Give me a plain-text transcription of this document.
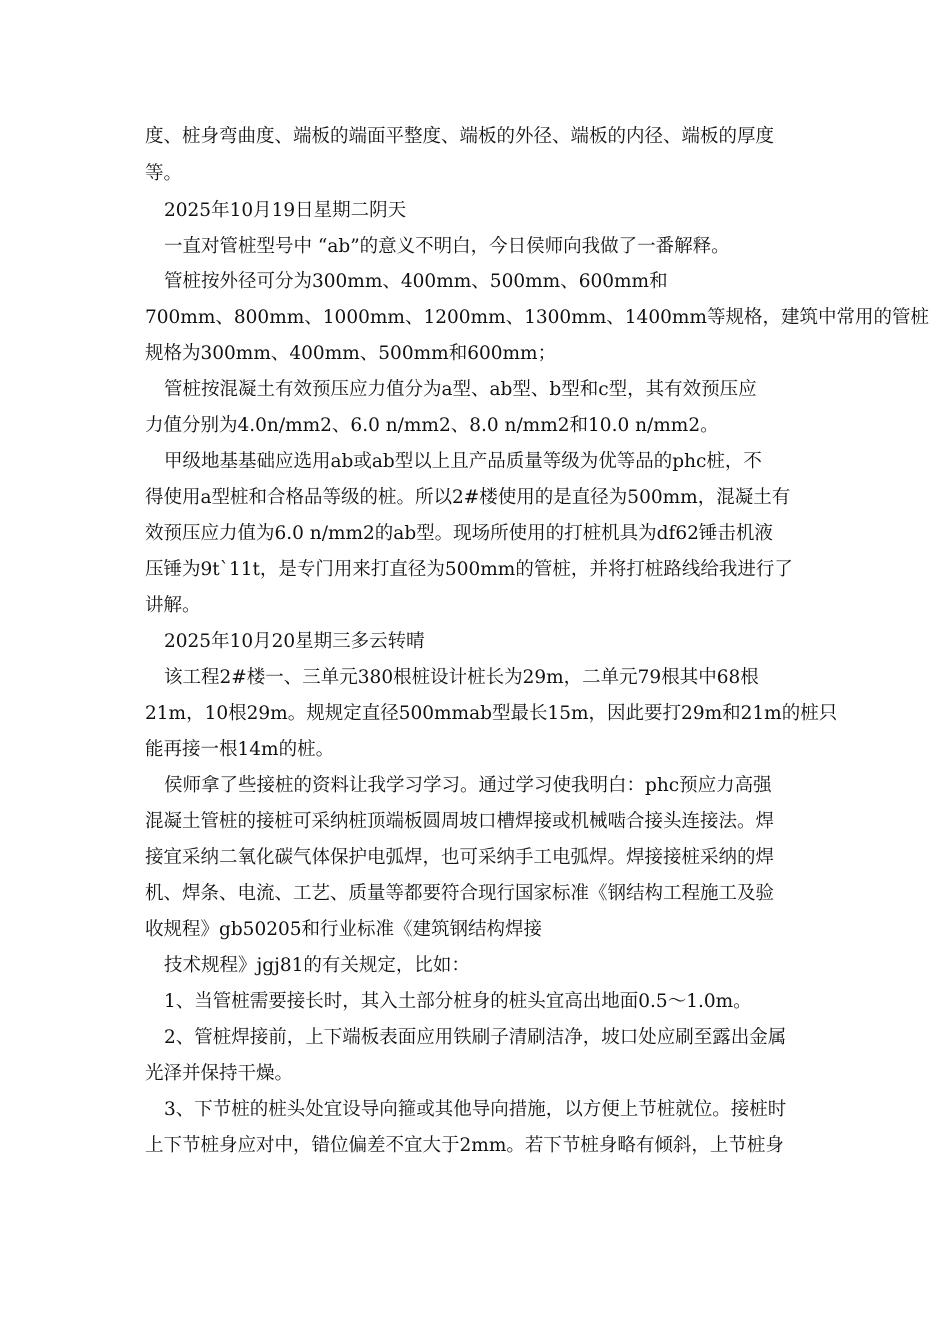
度、桩身弯曲度、端板的端面平整度、端板的外径、端板的内径、端板的厚度
等。
2025年10月19日星期二阴天
一直对管桩型号中 “ab”的意义不明白，今日侯师向我做了一番解释。
管桩按外径可分为300mm、400mm、500mm、600mm和
700mm、800mm、1000mm、1200mm、1300mm、1400mm等规格，建筑中常用的管桩
规格为300mm、400mm、500mm和600mm；
管桩按混凝土有效预压应力值分为a型、ab型、b型和c型，其有效预压应
力值分别为4.0n/mm2、6.0 n/mm2、8.0 n/mm2和10.0 n/mm2。
甲级地基基础应选用ab或ab型以上且产品质量等级为优等品的phc桩，不
得使用a型桩和合格品等级的桩。所以2#楼使用的是直径为500mm，混凝土有
效预压应力值为6.0 n/mm2的ab型。现场所使用的打桩机具为df62锤击机液
压锤为9t`11t，是专门用来打直径为500mm的管桩，并将打桩路线给我进行了
讲解。
2025年10月20星期三多云转晴
该工程2#楼一、三单元380根桩设计桩长为29m，二单元79根其中68根
21m，10根29m。规规定直径500mmab型最长15m，因此要打29m和21m的桩只
能再接一根14m的桩。
侯师拿了些接桩的资料让我学习学习。通过学习使我明白：phc预应力高强
混凝土管桩的接桩可采纳桩顶端板圆周坡口槽焊接或机械啮合接头连接法。焊
接宜采纳二氧化碳气体保护电弧焊，也可采纳手工电弧焊。焊接接桩采纳的焊
机、焊条、电流、工艺、质量等都要符合现行国家标准《钢结构工程施工及验
收规程》gb50205和行业标准《建筑钢结构焊接
技术规程》jgj81的有关规定，比如：
1、当管桩需要接长时，其入土部分桩身的桩头宜高出地面0.5～1.0m。
2、管桩焊接前，上下端板表面应用铁刷子清刷洁净，坡口处应刷至露出金属
光泽并保持干燥。
3、下节桩的桩头处宜设导向箍或其他导向措施，以方便上节桩就位。接桩时
上下节桩身应对中，错位偏差不宜大于2mm。若下节桩身略有倾斜，上节桩身
